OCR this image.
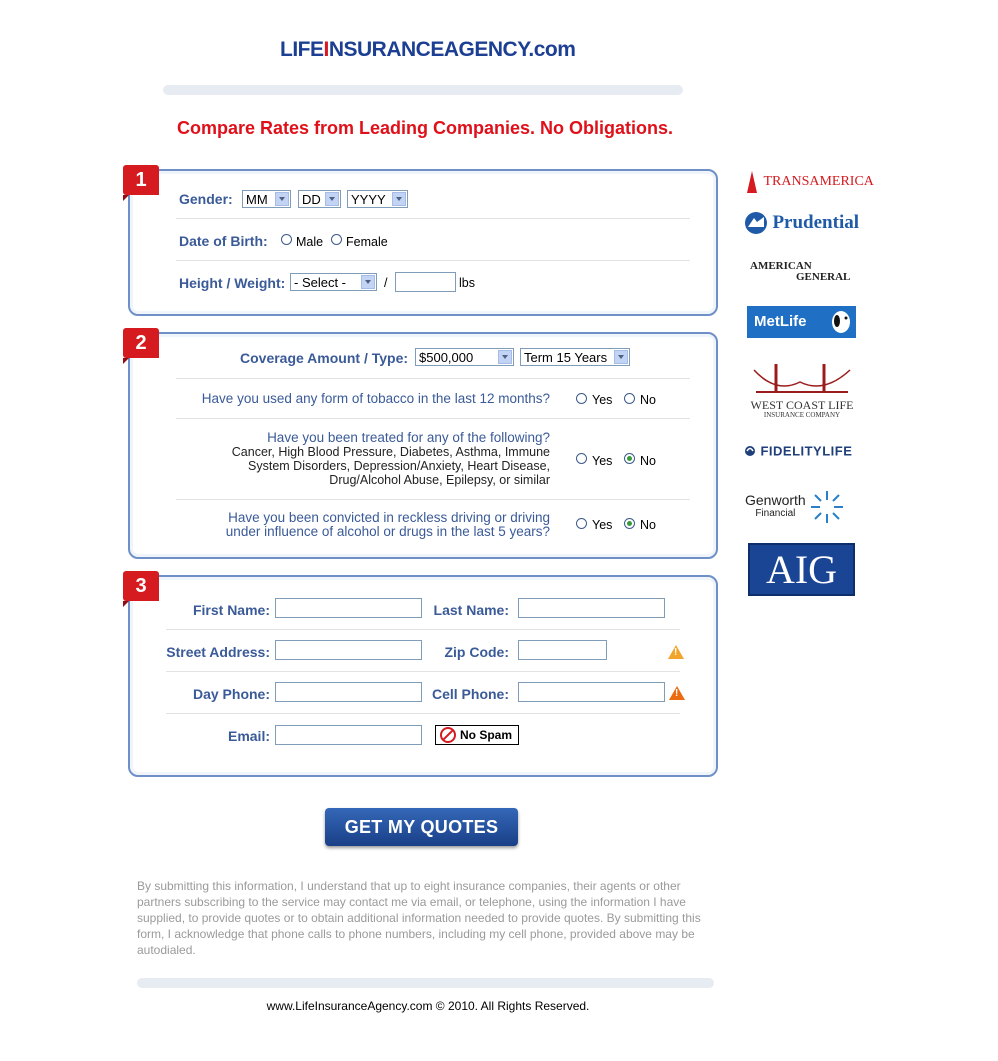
LIFEINSURANCEAGENCY.com
Compare Rates from Leading Companies. No Obligations.
1
Gender:	MM	DD	YYYY
Date of Birth: Male Female
Height / Weight: - Select -	/	lbs
2
Coverage Amount / Type: $500,000	Term 15 Years
Have you used any form of tobacco in the last 12 months?	Yes No
Have you been treated for any of the following?
Cancer, High Blood Pressure, Diabetes, Asthma, Immune
System Disorders, Depression/Anxiety, Heart Disease,
Drug/Alcohol Abuse, Epilepsy, or similar
Yes No
Have you been convicted in reckless driving or driving
under influence of alcohol or drugs in the last 5 years?	Yes No
3
First Name:	Last Name:
Street Address:	Zip Code:	!
Day Phone:	Cell Phone:	!
Email:	No Spam
GET MY QUOTES
By submitting this information, I understand that up to eight insurance companies, their agents or other partners subscribing to the service may contact me via email, or telephone, using the information I have supplied, to provide quotes or to obtain additional information needed to provide quotes. By submitting this form, I acknowledge that phone calls to phone numbers, including my cell phone, provided above may be autodialed.
www.LifeInsuranceAgency.com © 2010. All Rights Reserved.
TRANSAMERICA
Prudential
AMERICAN
GENERAL
MetLife
WEST COAST LIFE
INSURANCE COMPANY
FIDELITYLIFE
Genworth
Financial

AIG
